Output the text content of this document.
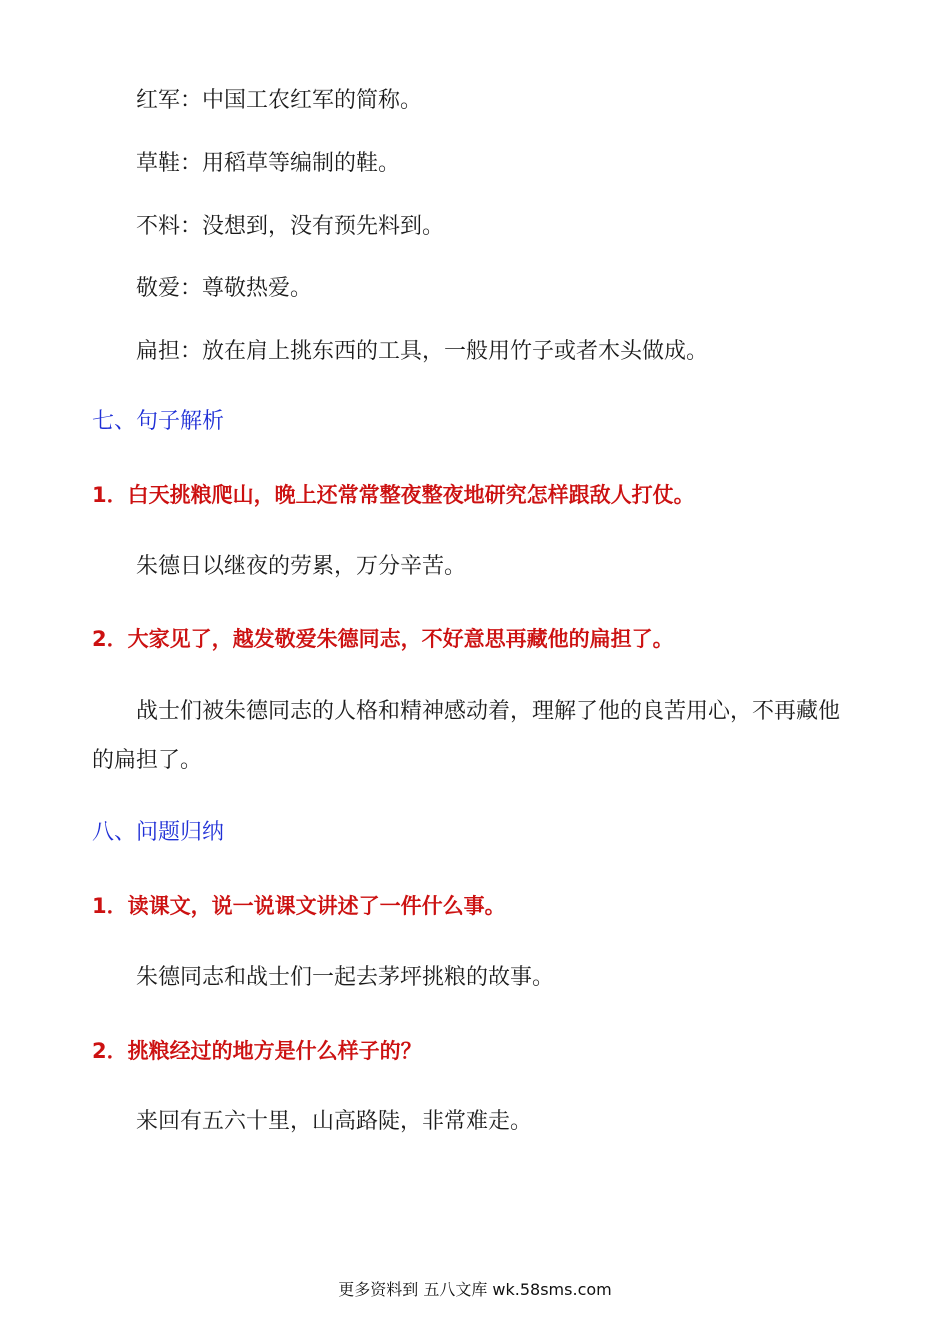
红军：中国工农红军的简称。
草鞋：用稻草等编制的鞋。
不料：没想到，没有预先料到。
敬爱：尊敬热爱。
扁担：放在肩上挑东西的工具，一般用竹子或者木头做成。
七、句子解析
1．白天挑粮爬山，晚上还常常整夜整夜地研究怎样跟敌人打仗。
朱德日以继夜的劳累，万分辛苦。
2．大家见了，越发敬爱朱德同志，不好意思再藏他的扁担了。
战士们被朱德同志的人格和精神感动着，理解了他的良苦用心，不再藏他
的扁担了。
八、问题归纳
1．读课文，说一说课文讲述了一件什么事。
朱德同志和战士们一起去茅坪挑粮的故事。
2．挑粮经过的地方是什么样子的？
来回有五六十里，山高路陡，非常难走。
更多资料到 五八文库 wk.58sms.com
